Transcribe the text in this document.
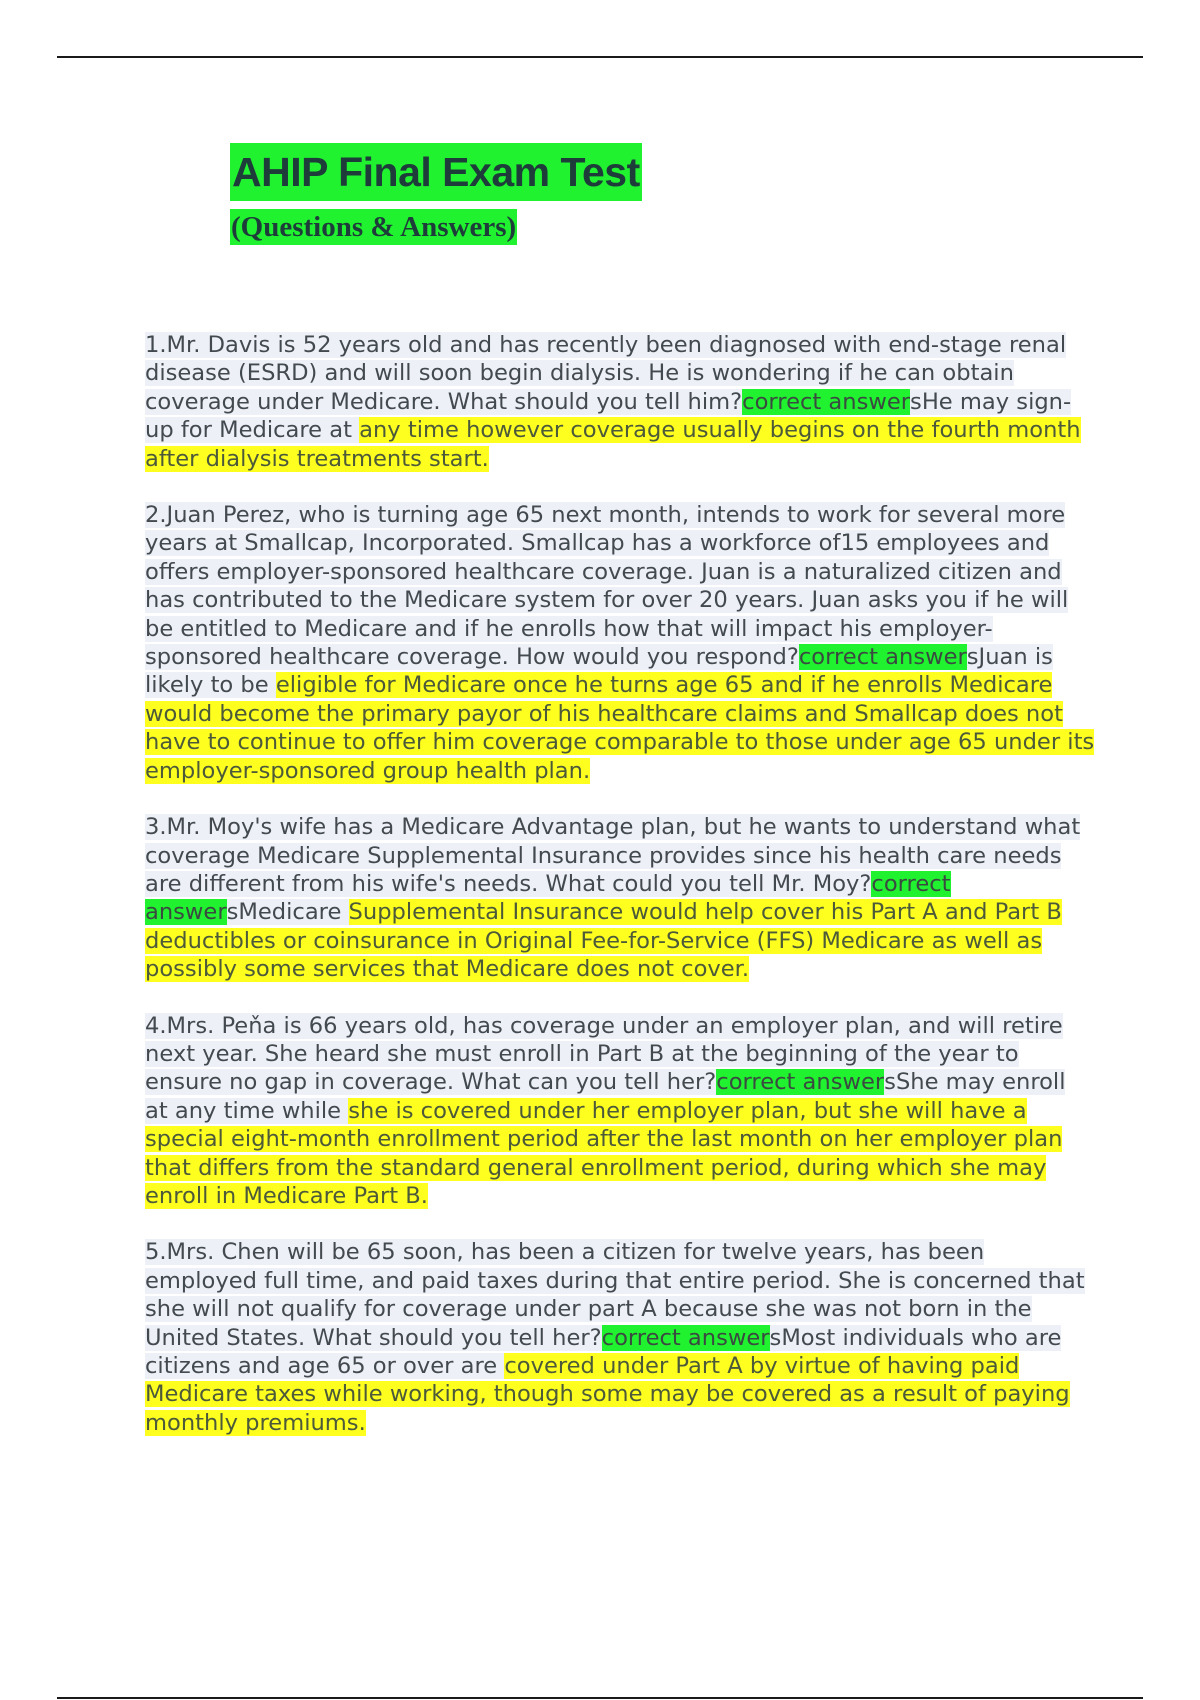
AHIP Final Exam Test
(Questions & Answers)

1.Mr. Davis is 52 years old and has recently been diagnosed with end-stage renal disease (ESRD) and will soon begin dialysis. He is wondering if he can obtain coverage under Medicare. What should you tell him?correct answersHe may sign-up for Medicare at any time however coverage usually begins on the fourth month after dialysis treatments start.

2.Juan Perez, who is turning age 65 next month, intends to work for several more years at Smallcap, Incorporated. Smallcap has a workforce of15 employees and offers employer-sponsored healthcare coverage. Juan is a naturalized citizen and has contributed to the Medicare system for over 20 years. Juan asks you if he will be entitled to Medicare and if he enrolls how that will impact his employer-sponsored healthcare coverage. How would you respond?correct answersJuan is likely to be eligible for Medicare once he turns age 65 and if he enrolls Medicare would become the primary payor of his healthcare claims and Smallcap does not have to continue to offer him coverage comparable to those under age 65 under its employer-sponsored group health plan.

3.Mr. Moy's wife has a Medicare Advantage plan, but he wants to understand what coverage Medicare Supplemental Insurance provides since his health care needs are different from his wife's needs. What could you tell Mr. Moy?correct answersMedicare Supplemental Insurance would help cover his Part A and Part B deductibles or coinsurance in Original Fee-for-Service (FFS) Medicare as well as possibly some services that Medicare does not cover.

4.Mrs. Peňa is 66 years old, has coverage under an employer plan, and will retire next year. She heard she must enroll in Part B at the beginning of the year to ensure no gap in coverage. What can you tell her?correct answersShe may enroll at any time while she is covered under her employer plan, but she will have a special eight-month enrollment period after the last month on her employer plan that differs from the standard general enrollment period, during which she may enroll in Medicare Part B.

5.Mrs. Chen will be 65 soon, has been a citizen for twelve years, has been employed full time, and paid taxes during that entire period. She is concerned that she will not qualify for coverage under part A because she was not born in the United States. What should you tell her?correct answersMost individuals who are citizens and age 65 or over are covered under Part A by virtue of having paid Medicare taxes while working, though some may be covered as a result of paying monthly premiums.
